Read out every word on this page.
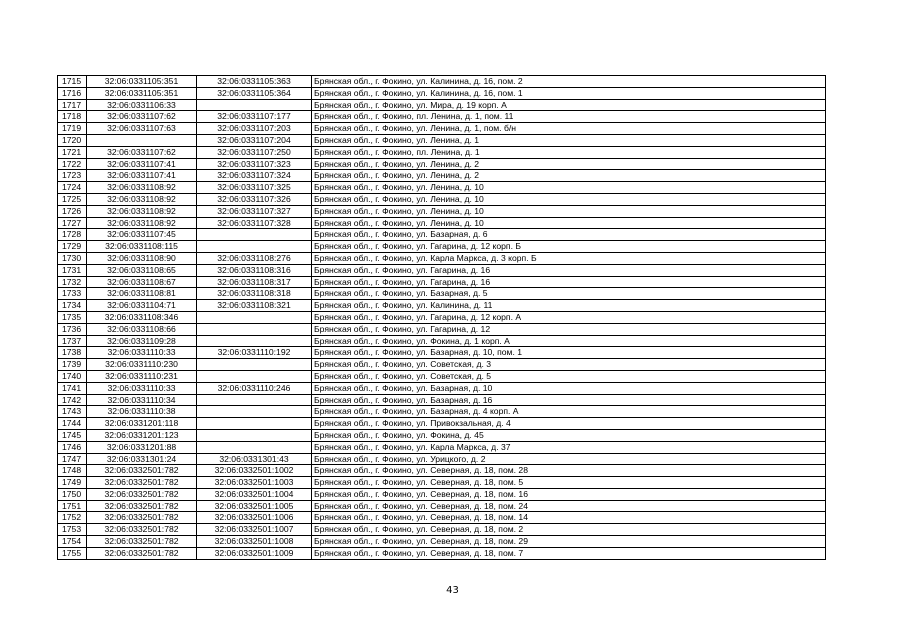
1715	32:06:0331105:351	32:06:0331105:363	Брянская обл., г. Фокино, ул. Калинина, д. 16, пом. 2
1716	32:06:0331105:351	32:06:0331105:364	Брянская обл., г. Фокино, ул. Калинина, д. 16, пом. 1
1717	32:06:0331106:33		Брянская обл., г. Фокино, ул. Мира, д. 19 корп. А
1718	32:06:0331107:62	32:06:0331107:177	Брянская обл., г. Фокино, пл. Ленина, д. 1, пом. 11
1719	32:06:0331107:63	32:06:0331107:203	Брянская обл., г. Фокино, ул. Ленина, д. 1, пом. б/н
1720		32:06:0331107:204	Брянская обл., г. Фокино, ул. Ленина, д. 1
1721	32:06:0331107:62	32:06:0331107:250	Брянская обл., г. Фокино, пл. Ленина, д. 1
1722	32:06:0331107:41	32:06:0331107:323	Брянская обл., г. Фокино, ул. Ленина, д. 2
1723	32:06:0331107:41	32:06:0331107:324	Брянская обл., г. Фокино, ул. Ленина, д. 2
1724	32:06:0331108:92	32:06:0331107:325	Брянская обл., г. Фокино, ул. Ленина, д. 10
1725	32:06:0331108:92	32:06:0331107:326	Брянская обл., г. Фокино, ул. Ленина, д. 10
1726	32:06:0331108:92	32:06:0331107:327	Брянская обл., г. Фокино, ул. Ленина, д. 10
1727	32:06:0331108:92	32:06:0331107:328	Брянская обл., г. Фокино, ул. Ленина, д. 10
1728	32:06:0331107:45		Брянская обл., г. Фокино, ул. Базарная, д. 6
1729	32:06:0331108:115		Брянская обл., г. Фокино, ул. Гагарина, д. 12 корп. Б
1730	32:06:0331108:90	32:06:0331108:276	Брянская обл., г. Фокино, ул. Карла Маркса, д. 3 корп. Б
1731	32:06:0331108:65	32:06:0331108:316	Брянская обл., г. Фокино, ул. Гагарина, д. 16
1732	32:06:0331108:67	32:06:0331108:317	Брянская обл., г. Фокино, ул. Гагарина, д. 16
1733	32:06:0331108:81	32:06:0331108:318	Брянская обл., г. Фокино, ул. Базарная, д. 5
1734	32:06:0331104:71	32:06:0331108:321	Брянская обл., г. Фокино, ул. Калинина, д. 11
1735	32:06:0331108:346		Брянская обл., г. Фокино, ул. Гагарина, д. 12 корп. А
1736	32:06:0331108:66		Брянская обл., г. Фокино, ул. Гагарина, д. 12
1737	32:06:0331109:28		Брянская обл., г. Фокино, ул. Фокина, д. 1 корп. А
1738	32:06:0331110:33	32:06:0331110:192	Брянская обл., г. Фокино, ул. Базарная, д. 10, пом. 1
1739	32:06:0331110:230		Брянская обл., г. Фокино, ул. Советская, д. 3
1740	32:06:0331110:231		Брянская обл., г. Фокино, ул. Советская, д. 5
1741	32:06:0331110:33	32:06:0331110:246	Брянская обл., г. Фокино, ул. Базарная, д. 10
1742	32:06:0331110:34		Брянская обл., г. Фокино, ул. Базарная, д. 16
1743	32:06:0331110:38		Брянская обл., г. Фокино, ул. Базарная, д. 4 корп. А
1744	32:06:0331201:118		Брянская обл., г. Фокино, ул. Привокзальная, д. 4
1745	32:06:0331201:123		Брянская обл., г. Фокино, ул. Фокина, д. 45
1746	32:06:0331201:88		Брянская обл., г. Фокино, ул. Карла Маркса, д. 37
1747	32:06:0331301:24	32:06:0331301:43	Брянская обл., г. Фокино, ул. Урицкого, д. 2
1748	32:06:0332501:782	32:06:0332501:1002	Брянская обл., г. Фокино, ул. Северная, д. 18, пом. 28
1749	32:06:0332501:782	32:06:0332501:1003	Брянская обл., г. Фокино, ул. Северная, д. 18, пом. 5
1750	32:06:0332501:782	32:06:0332501:1004	Брянская обл., г. Фокино, ул. Северная, д. 18, пом. 16
1751	32:06:0332501:782	32:06:0332501:1005	Брянская обл., г. Фокино, ул. Северная, д. 18, пом. 24
1752	32:06:0332501:782	32:06:0332501:1006	Брянская обл., г. Фокино, ул. Северная, д. 18, пом. 14
1753	32:06:0332501:782	32:06:0332501:1007	Брянская обл., г. Фокино, ул. Северная, д. 18, пом. 2
1754	32:06:0332501:782	32:06:0332501:1008	Брянская обл., г. Фокино, ул. Северная, д. 18, пом. 29
1755	32:06:0332501:782	32:06:0332501:1009	Брянская обл., г. Фокино, ул. Северная, д. 18, пом. 7
43
